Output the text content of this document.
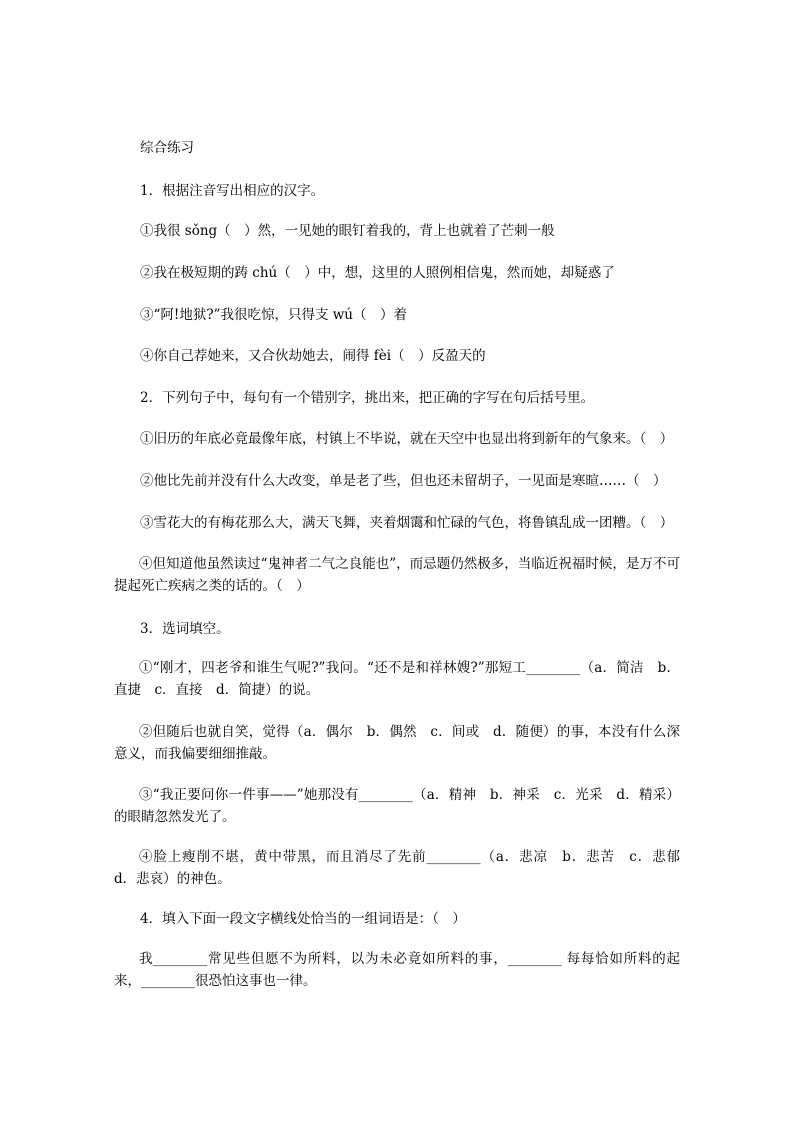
综合练习

1．根据注音写出相应的汉字。

①我很 sǒng（　）然，一见她的眼钉着我的，背上也就着了芒刺一般

②我在极短期的踌 chú（　）中，想，这里的人照例相信鬼，然而她，却疑惑了

③“阿!地狱?”我很吃惊，只得支 wú（　）着

④你自己荐她来，又合伙劫她去，闹得 fèi（　）反盈天的

2．下列句子中，每句有一个错别字，挑出来，把正确的字写在句后括号里。

①旧历的年底必竟最像年底，村镇上不毕说，就在天空中也显出将到新年的气象来。（　）

②他比先前并没有什么大改变，单是老了些，但也还未留胡子，一见面是寒暄……（　）

③雪花大的有梅花那么大，满天飞舞，夹着烟霭和忙碌的气色，将鲁镇乱成一团糟。（　）

④但知道他虽然读过“鬼神者二气之良能也”，而忌题仍然极多，当临近祝福时候，是万不可提起死亡疾病之类的话的。（　）

3．选词填空。

①“刚才，四老爷和谁生气呢?”我问。“还不是和祥林嫂?”那短工________（a．简洁　b．直捷　c．直接　d．简捷）的说。

②但随后也就自笑，觉得（a．偶尔　b．偶然　c．间或　d．随便）的事，本没有什么深意义，而我偏要细细推敲。

③“我正要问你一件事——”她那没有________（a．精神　b．神采　c．光采　d．精采）的眼睛忽然发光了。

④脸上瘦削不堪，黄中带黑，而且消尽了先前________（a．悲凉　b．悲苦　c．悲郁　d．悲哀）的神色。

4．填入下面一段文字横线处恰当的一组词语是：（　）

我________常见些但愿不为所料，以为未必竟如所料的事，________ 每每恰如所料的起来，________很恐怕这事也一律。
